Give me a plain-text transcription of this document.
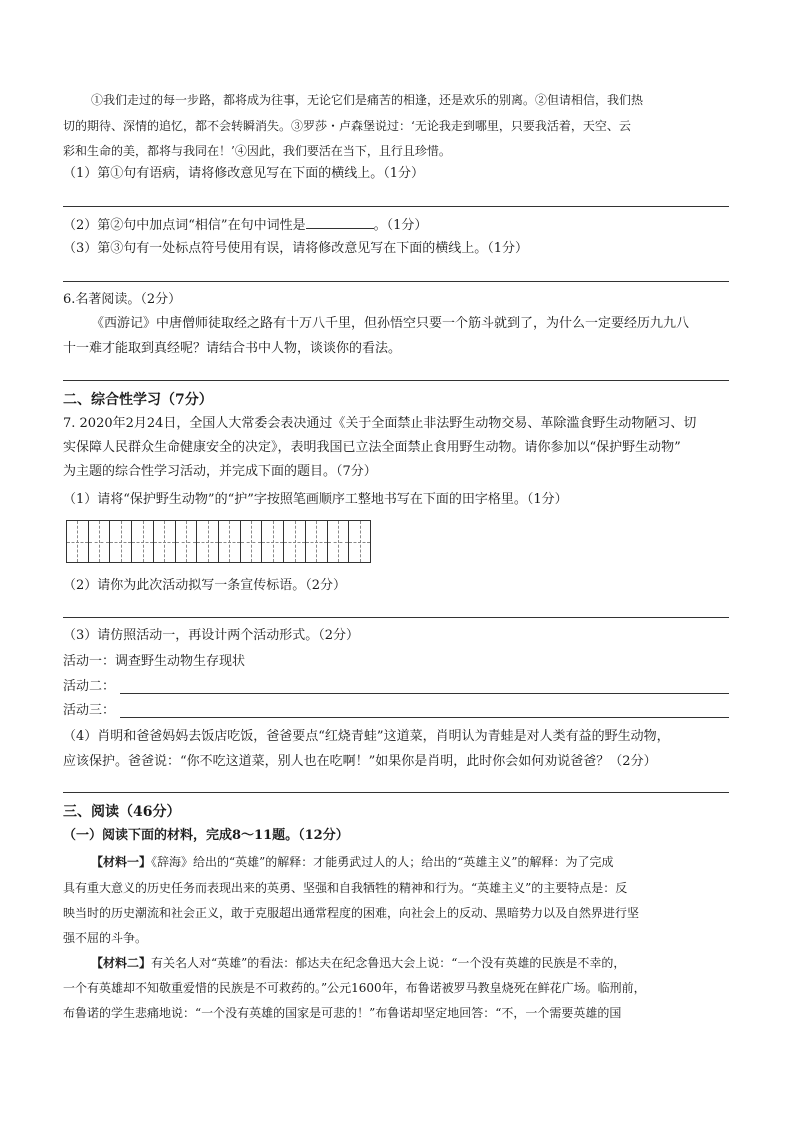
①我们走过的每一步路，都将成为往事，无论它们是痛苦的相逢，还是欢乐的别离。②但请相信，我们热
切的期待、深情的追忆，都不会转瞬消失。③罗莎・卢森堡说过：‘无论我走到哪里，只要我活着，天空、云
彩和生命的美，都将与我同在！’④因此，我们要活在当下，且行且珍惜。
（1）第①句有语病，请将修改意见写在下面的横线上。（1分）
（2）第②句中加点词“相信”在句中词性是	。（1分）
（3）第③句有一处标点符号使用有误，请将修改意见写在下面的横线上。（1分）
6.名著阅读。（2分）
《西游记》中唐僧师徒取经之路有十万八千里，但孙悟空只要一个筋斗就到了，为什么一定要经历九九八
十一难才能取到真经呢？请结合书中人物，谈谈你的看法。
二、综合性学习（7分）
7. 2020年2月24日，全国人大常委会表决通过《关于全面禁止非法野生动物交易、革除滥食野生动物陋习、切
实保障人民群众生命健康安全的决定》，表明我国已立法全面禁止食用野生动物。请你参加以“保护野生动物”
为主题的综合性学习活动，并完成下面的题目。（7分）
（1）请将“保护野生动物”的“护”字按照笔画顺序工整地书写在下面的田字格里。（1分）
（2）请你为此次活动拟写一条宣传标语。（2分）
（3）请仿照活动一，再设计两个活动形式。（2分）
活动一：调查野生动物生存现状
活动二：
活动三：
（4）肖明和爸爸妈妈去饭店吃饭，爸爸要点“红烧青蛙”这道菜，肖明认为青蛙是对人类有益的野生动物，
应该保护。爸爸说：“你不吃这道菜，别人也在吃啊！”如果你是肖明，此时你会如何劝说爸爸？（2分）
三、阅读（46分）
（一）阅读下面的材料，完成8～11题。（12分）
【材料一】《辞海》给出的“英雄”的解释：才能勇武过人的人；给出的“英雄主义”的解释：为了完成
具有重大意义的历史任务而表现出来的英勇、坚强和自我牺牲的精神和行为。“英雄主义”的主要特点是：反
映当时的历史潮流和社会正义，敢于克服超出通常程度的困难，向社会上的反动、黑暗势力以及自然界进行坚
强不屈的斗争。
【材料二】有关名人对“英雄”的看法：郁达夫在纪念鲁迅大会上说：“一个没有英雄的民族是不幸的，
一个有英雄却不知敬重爱惜的民族是不可救药的。”公元1600年，布鲁诺被罗马教皇烧死在鲜花广场。临刑前，
布鲁诺的学生悲痛地说：“一个没有英雄的国家是可悲的！”布鲁诺却坚定地回答：“不，一个需要英雄的国
